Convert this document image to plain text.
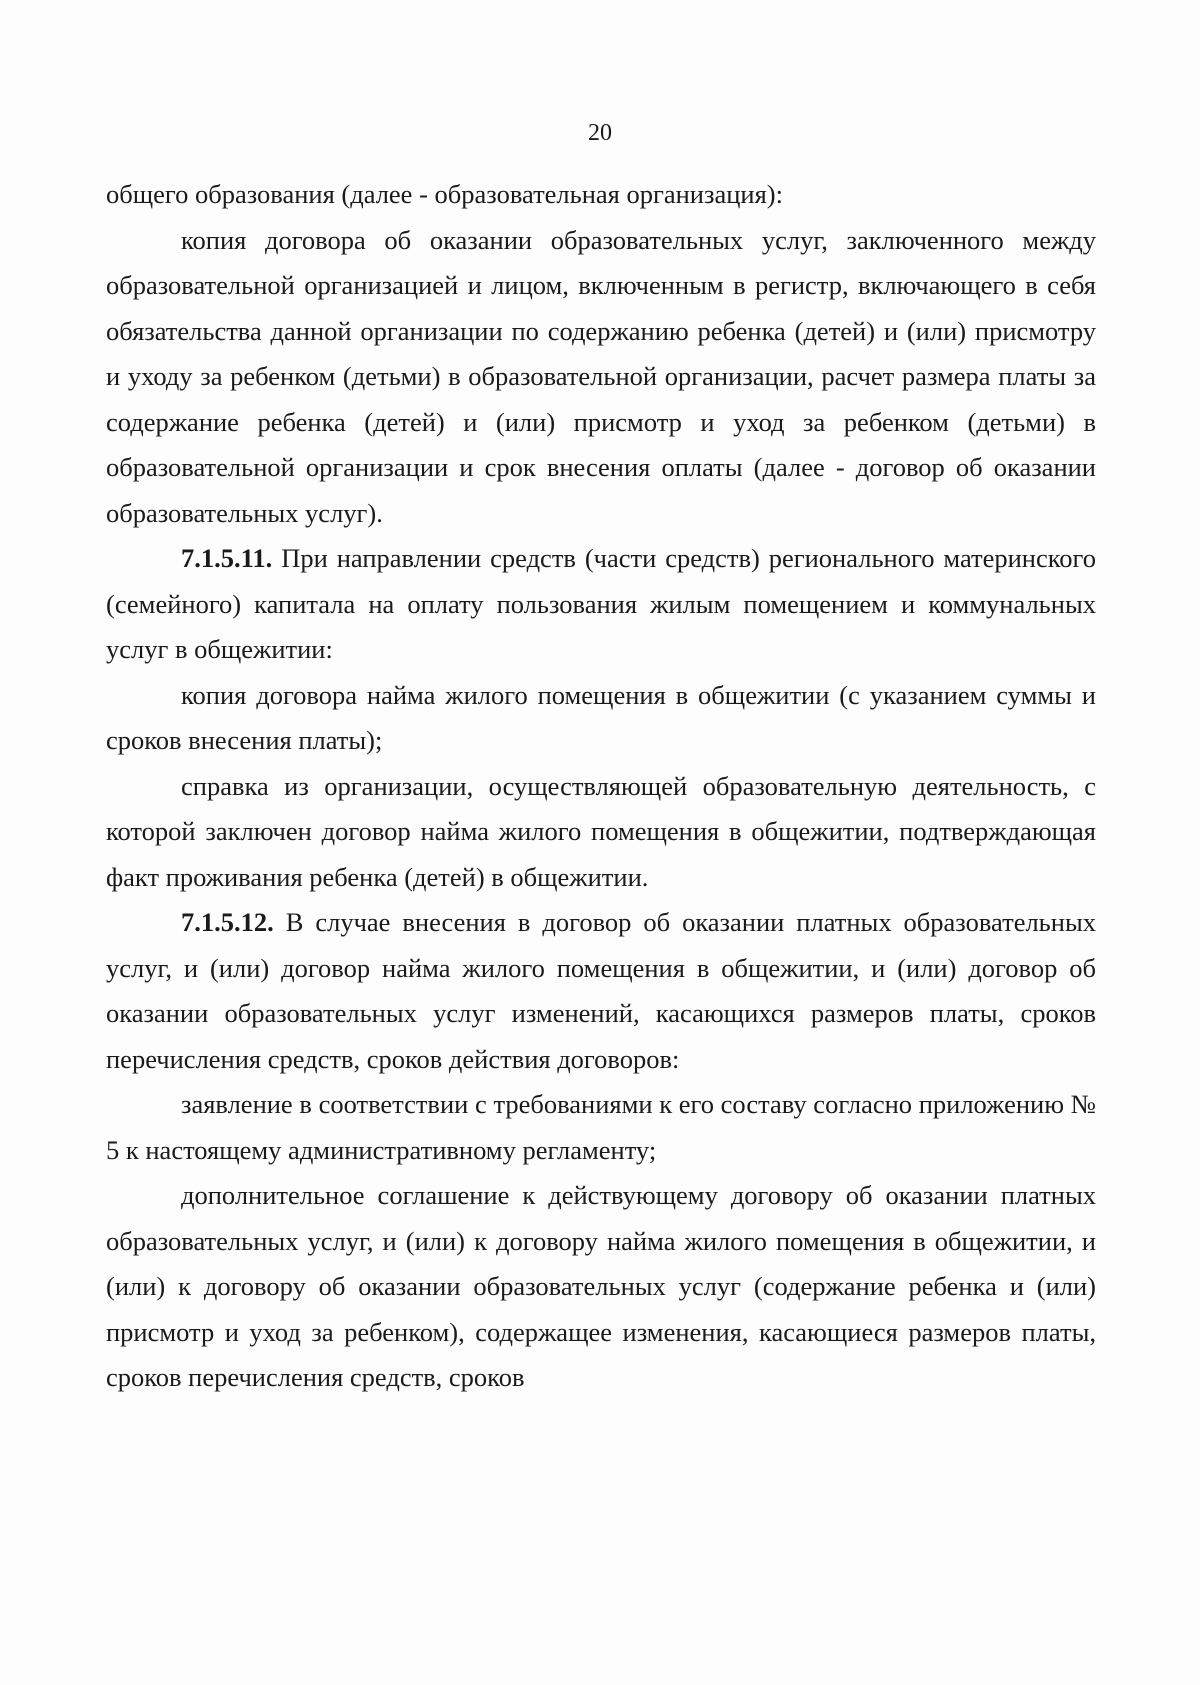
20

общего образования (далее - образовательная организация):

копия договора об оказании образовательных услуг, заключенного между образовательной организацией и лицом, включенным в регистр, включающего в себя обязательства данной организации по содержанию ребенка (детей) и (или) присмотру и уходу за ребенком (детьми) в образовательной организации, расчет размера платы за содержание ребенка (детей) и (или) присмотр и уход за ребенком (детьми) в образовательной организации и срок внесения оплаты (далее - договор об оказании образовательных услуг).

7.1.5.11. При направлении средств (части средств) регионального материнского (семейного) капитала на оплату пользования жилым помещением и коммунальных услуг в общежитии:

копия договора найма жилого помещения в общежитии (с указанием суммы и сроков внесения платы);

справка из организации, осуществляющей образовательную деятельность, с которой заключен договор найма жилого помещения в общежитии, подтверждающая факт проживания ребенка (детей) в общежитии.

7.1.5.12. В случае внесения в договор об оказании платных образовательных услуг, и (или) договор найма жилого помещения в общежитии, и (или) договор об оказании образовательных услуг изменений, касающихся размеров платы, сроков перечисления средств, сроков действия договоров:

заявление в соответствии с требованиями к его составу согласно приложению № 5 к настоящему административному регламенту;

дополнительное соглашение к действующему договору об оказании платных образовательных услуг, и (или) к договору найма жилого помещения в общежитии, и (или) к договору об оказании образовательных услуг (содержание ребенка и (или) присмотр и уход за ребенком), содержащее изменения, касающиеся размеров платы, сроков перечисления средств, сроков
